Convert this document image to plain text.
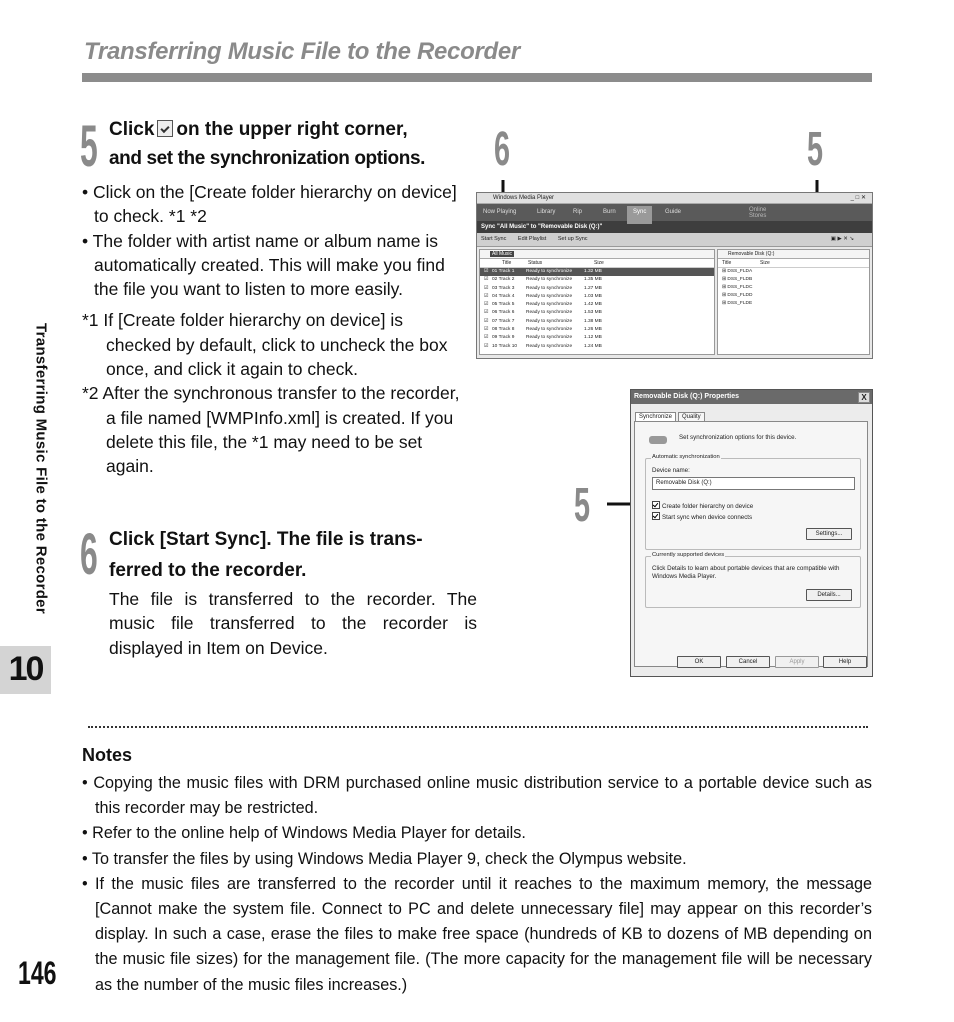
Transferring Music File to the Recorder
Transferring Music File to the Recorder
10
5 Click on the upper right corner,
and set the synchronization options.
• Click on the [Create folder hierarchy on device] to check. *1 *2
• The folder with artist name or album name is automatically created. This will make you find the file you want to listen to more easily.
*1 If [Create folder hierarchy on device] is checked by default, click to uncheck the box once, and click it again to check.
*2 After the synchronous transfer to the recorder, a file named [WMPInfo.xml] is created. If you delete this file, the *1 may need to be set again.
6 Click [Start Sync]. The file is trans-
ferred to the recorder.
The file is transferred to the recorder. The music file transferred to the recorder is displayed in Item on Device.
6	5
5
Windows Media Player	_ □ ✕
Now Playing	Library	Rip	Burn	Sync	Guide	Online Stores
Sync "All Music" to "Removable Disk (Q:)"
Start Sync Edit Playlist Set up Sync	▣ ▶ ✕ ↘
All Music
Title	Status	Size
☑ 01 Track 1 Ready to synchronize 1.32 MB
☑ 02 Track 2 Ready to synchronize 1.35 MB
☑ 03 Track 3 Ready to synchronize 1.27 MB
☑ 04 Track 4 Ready to synchronize 1.03 MB
☑ 05 Track 5 Ready to synchronize 1.42 MB
☑ 06 Track 6 Ready to synchronize 1.53 MB
☑ 07 Track 7 Ready to synchronize 1.38 MB
☑ 08 Track 8 Ready to synchronize 1.26 MB
☑ 09 Track 9 Ready to synchronize 1.12 MB
☑ 10 Track 10 Ready to synchronize 1.24 MB
Removable Disk (Q:)
Title	Size
⊞ DSS_FLDA
⊞ DSS_FLDB
⊞ DSS_FLDC
⊞ DSS_FLDD
⊞ DSS_FLDE
Removable Disk (Q:) Properties	X
Synchronize	Quality
Set synchronization options for this device.
Automatic synchronization
Device name:
Removable Disk (Q:)
Create folder hierarchy on device
Start sync when device connects
Settings...
Currently supported devices
Click Details to learn about portable devices that are compatible with Windows Media Player.
Details...
OK	Cancel	Apply	Help
Notes
• Copying the music files with DRM purchased online music distribution service to a portable device such as this recorder may be restricted.
• Refer to the online help of Windows Media Player for details.
• To transfer the files by using Windows Media Player 9, check the Olympus website.
• If the music files are transferred to the recorder until it reaches to the maximum memory, the message [Cannot make the system file. Connect to PC and delete unnecessary file] may appear on this recorder’s display. In such a case, erase the files to make free space (hundreds of KB to dozens of MB depending on the music file sizes) for the management file. (The more capacity for the management file will be necessary as the number of the music files increases.)
146
